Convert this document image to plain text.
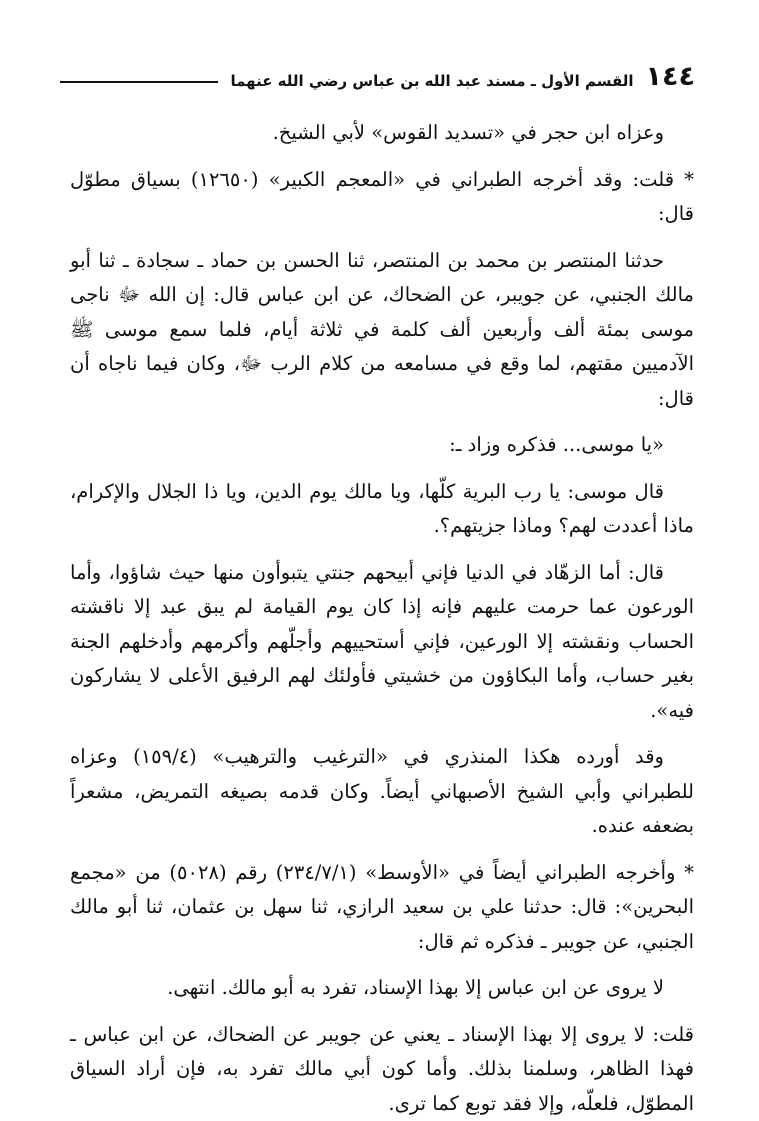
١٤٤
القسم الأول ـ مسند عبد الله بن عباس رضي الله عنهما

وعزاه ابن حجر في «تسديد القوس» لأبي الشيخ.

* قلت: وقد أخرجه الطبراني في «المعجم الكبير» (١٢٦٥٠) بسياق مطوّل قال:

حدثنا المنتصر بن محمد بن المنتصر، ثنا الحسن بن حماد ـ سجادة ـ ثنا أبو مالك الجنبي، عن جويبر، عن الضحاك، عن ابن عباس قال: إن الله ﷻ ناجى موسى بمئة ألف وأربعين ألف كلمة في ثلاثة أيام، فلما سمع موسى ﷺ الآدميين مقتهم، لما وقع في مسامعه من كلام الرب ﷻ، وكان فيما ناجاه أن قال:

«يا موسى... فذكره وزاد ـ:

قال موسى: يا رب البرية كلّها، ويا مالك يوم الدين، ويا ذا الجلال والإكرام، ماذا أعددت لهم؟ وماذا جزيتهم؟.

قال: أما الزهّاد في الدنيا فإني أبيحهم جنتي يتبوأون منها حيث شاؤوا، وأما الورعون عما حرمت عليهم فإنه إذا كان يوم القيامة لم يبق عبد إلا ناقشته الحساب ونقشته إلا الورعين، فإني أستحييهم وأجلّهم وأكرمهم وأدخلهم الجنة بغير حساب، وأما البكاؤون من خشيتي فأولئك لهم الرفيق الأعلى لا يشاركون فيه».

وقد أورده هكذا المنذري في «الترغيب والترهيب» (١٥٩/٤) وعزاه للطبراني وأبي الشيخ الأصبهاني أيضاً. وكان قدمه بصيغه التمريض، مشعراً بضعفه عنده.

* وأخرجه الطبراني أيضاً في «الأوسط» (٢٣٤/٧/١) رقم (٥٠٢٨) من «مجمع البحرين»: قال: حدثنا علي بن سعيد الرازي، ثنا سهل بن عثمان، ثنا أبو مالك الجنبي، عن جويبر ـ فذكره ثم قال:

لا يروى عن ابن عباس إلا بهذا الإسناد، تفرد به أبو مالك. انتهى.

قلت: لا يروى إلا بهذا الإسناد ـ يعني عن جويبر عن الضحاك، عن ابن عباس ـ فهذا الظاهر، وسلمنا بذلك. وأما كون أبي مالك تفرد به، فإن أراد السياق المطوّل، فلعلّه، وإلا فقد توبع كما ترى.
